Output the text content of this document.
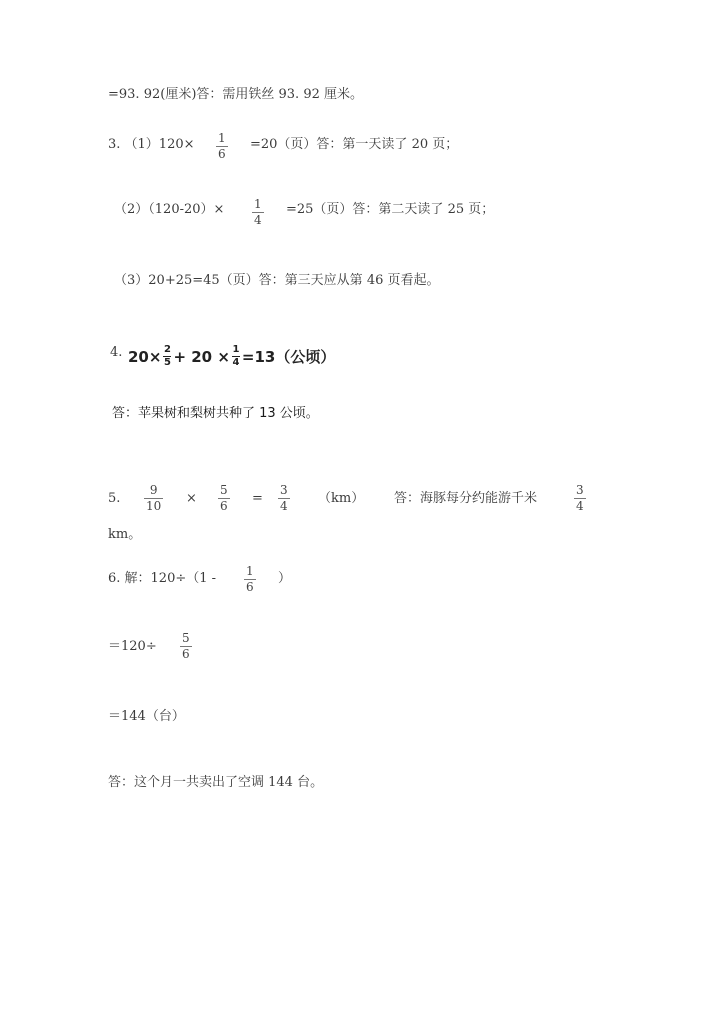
=93. 92(厘米)答：需用铁丝 93. 92 厘米。
3. （1）120× 1
6
=20（页）答：第一天读了 20 页；
（2）（120-20）× 1
4
=25（页）答：第二天读了 25 页；
（3）20+25=45（页）答：第三天应从第 46 页看起。
4. 20× 2
5 + 20 × 1
4 =13（公顷）
答：苹果树和梨树共种了 13 公顷。
5.
9
10 ×
5
6 =
3
4 （km） 答：海豚每分约能游千米
3
4
km。
6. 解：120÷（1 - 1
6
）
＝120÷
5
6
＝144（台）
答：这个月一共卖出了空调 144 台。
